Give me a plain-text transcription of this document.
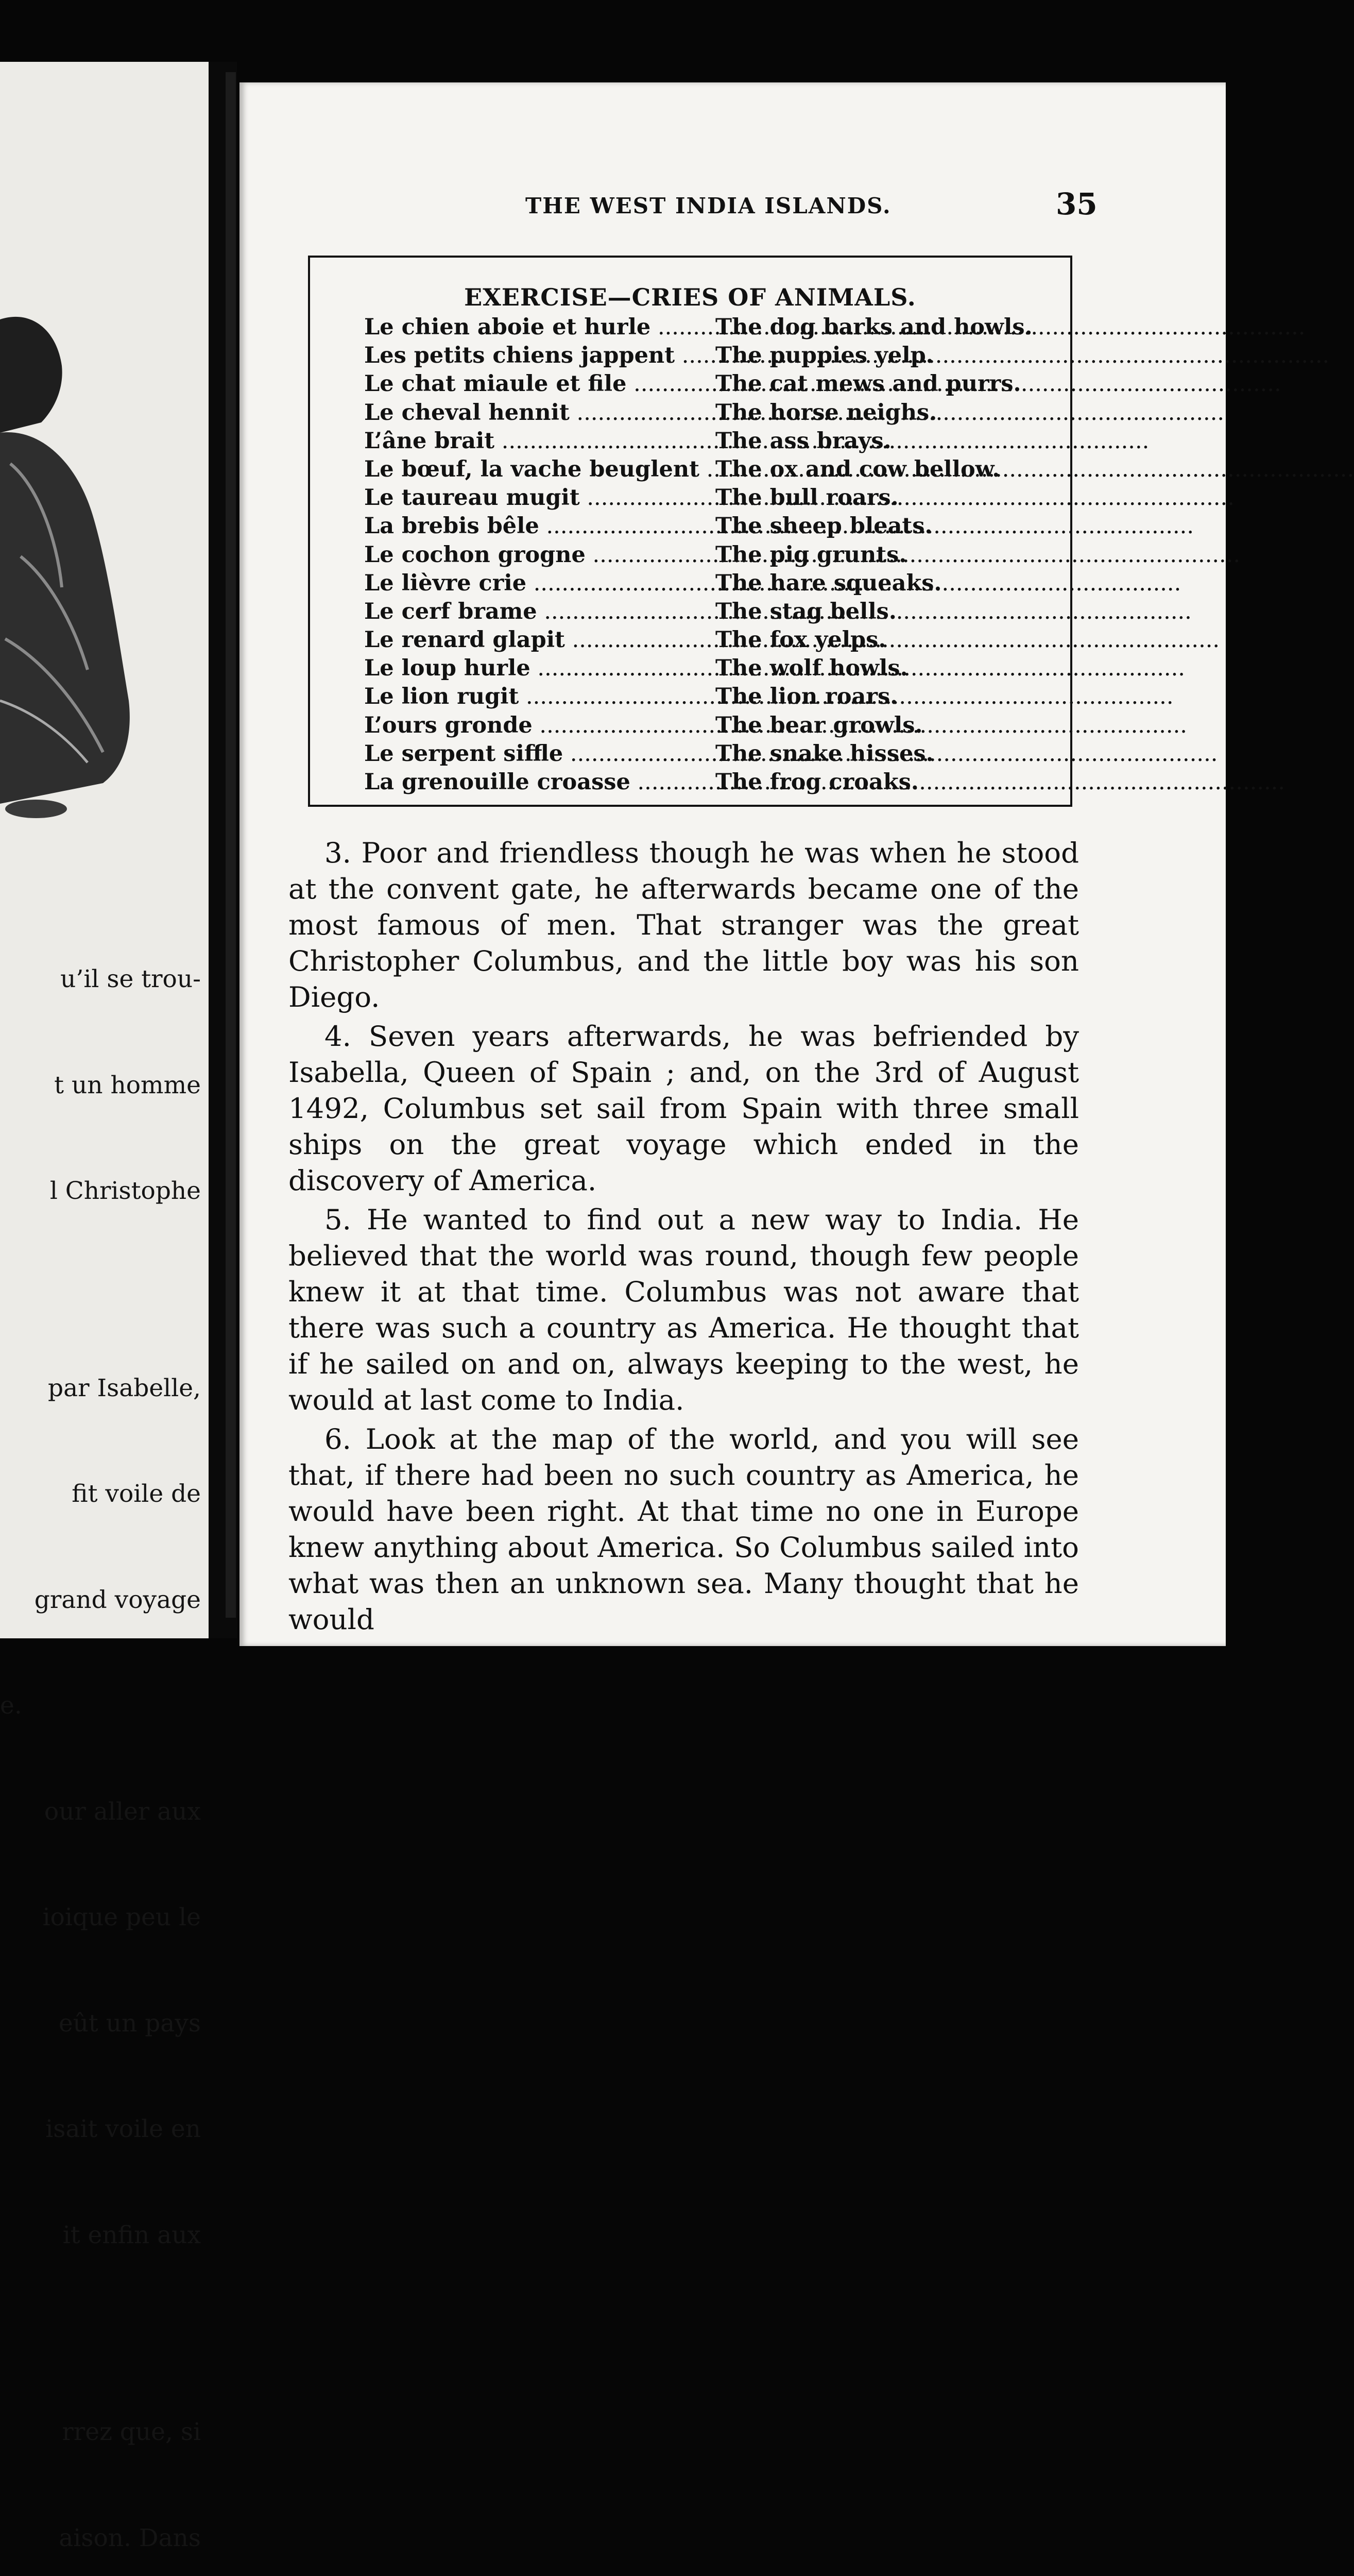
u’il se trou-

t un homme

l Christophe

par Isabelle,

fit voile de

grand voyage

e.

our aller aux

ioique peu le

eût un pays

isait voile en

it enfin aux

rrez que, si

aison. Dans

THE WEST INDIA ISLANDS.	35
EXERCISE—CRIES OF ANIMALS.
Le chien aboie et hurle .....	The dog barks and howls.
Les petits chiens jappent .....	The puppies yelp.
Le chat miaule et file .....	The cat mews and purrs.
Le cheval hennit .....	The horse neighs.
L’âne brait .....	The ass brays.
Le bœuf, la vache beuglent ..... The ox and cow bellow.
Le taureau mugit .....	The bull roars.
La brebis bêle .....	The sheep bleats.
Le cochon grogne .....	The pig grunts.
Le lièvre crie .....	The hare squeaks.
Le cerf brame .....	The stag bells.
Le renard glapit .....	The fox yelps.
Le loup hurle .....	The wolf howls.
Le lion rugit .....	The lion roars.
L’ours gronde .....	The bear growls.
Le serpent siffle .....	The snake hisses.
La grenouille croasse .....	The frog croaks.

3. Poor and friendless though he was when he stood at the convent gate, he afterwards became one of the most famous of men. That stranger was the great Christopher Columbus, and the little boy was his son Diego.

4. Seven years afterwards, he was befriended by Isabella, Queen of Spain ; and, on the 3rd of August 1492, Columbus set sail from Spain with three small ships on the great voyage which ended in the discovery of America.

5. He wanted to find out a new way to India. He believed that the world was round, though few people knew it at that time. Columbus was not aware that there was such a country as America. He thought that if he sailed on and on, always keeping to the west, he would at last come to India.

6. Look at the map of the world, and you will see that, if there had been no such country as America, he would have been right. At that time no one in Europe knew anything about America. So Columbus sailed into what was then an unknown sea. Many thought that he would
